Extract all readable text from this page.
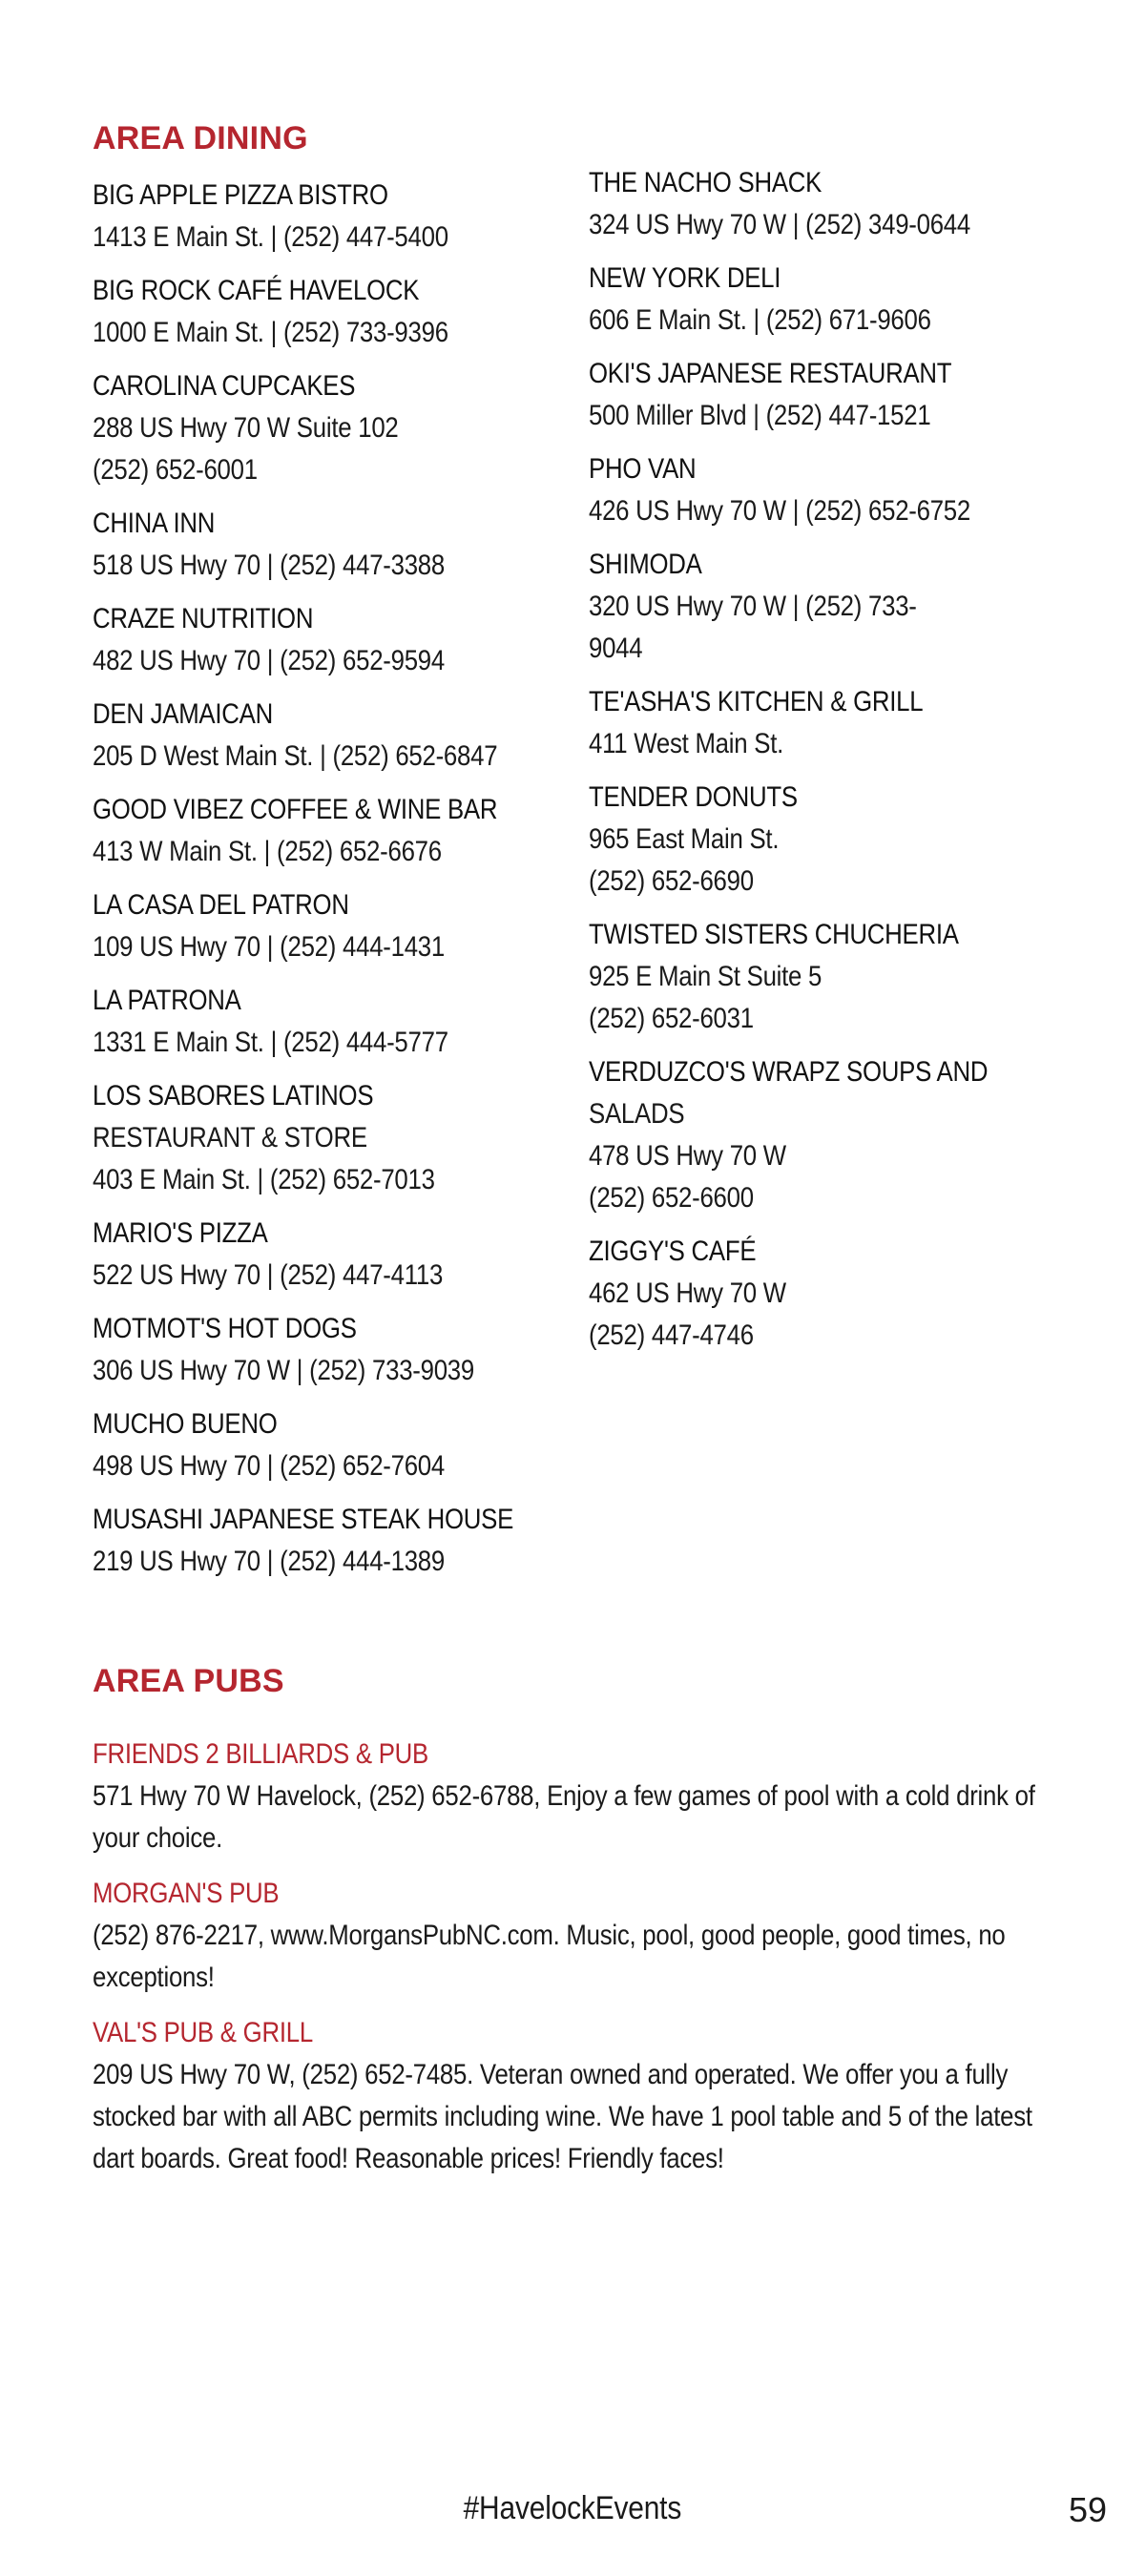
AREA DINING
BIG APPLE PIZZA BISTRO
1413 E Main St. | (252) 447-5400
BIG ROCK CAFÉ HAVELOCK
1000 E Main St. | (252) 733-9396
CAROLINA CUPCAKES
288 US Hwy 70 W Suite 102
(252) 652-6001
CHINA INN
518 US Hwy 70 | (252) 447-3388
CRAZE NUTRITION
482 US Hwy 70 | (252) 652-9594
DEN JAMAICAN
205 D West Main St. | (252) 652-6847
GOOD VIBEZ COFFEE & WINE BAR
413 W Main St. | (252) 652-6676
LA CASA DEL PATRON
109 US Hwy 70 | (252) 444-1431
LA PATRONA
1331 E Main St. | (252) 444-5777
LOS SABORES LATINOS
RESTAURANT & STORE
403 E Main St. | (252) 652-7013
MARIO'S PIZZA
522 US Hwy 70 | (252) 447-4113
MOTMOT'S HOT DOGS
306 US Hwy 70 W | (252) 733-9039
MUCHO BUENO
498 US Hwy 70 | (252) 652-7604
MUSASHI JAPANESE STEAK HOUSE
219 US Hwy 70 | (252) 444-1389
THE NACHO SHACK
324 US Hwy 70 W | (252) 349-0644
NEW YORK DELI
606 E Main St. | (252) 671-9606
OKI'S JAPANESE RESTAURANT
500 Miller Blvd | (252) 447-1521
PHO VAN
426 US Hwy 70 W | (252) 652-6752
SHIMODA
320 US Hwy 70 W | (252) 733-
9044
TE'ASHA'S KITCHEN & GRILL
411 West Main St.
TENDER DONUTS
965 East Main St.
(252) 652-6690
TWISTED SISTERS CHUCHERIA
925 E Main St Suite 5
(252) 652-6031
VERDUZCO'S WRAPZ SOUPS AND
SALADS
478 US Hwy 70 W
(252) 652-6600
ZIGGY'S CAFÉ
462 US Hwy 70 W
(252) 447-4746
AREA PUBS
FRIENDS 2 BILLIARDS & PUB
571 Hwy 70 W Havelock, (252) 652-6788, Enjoy a few games of pool with a cold drink of your choice.
MORGAN'S PUB
(252) 876-2217, www.MorgansPubNC.com. Music, pool, good people, good times, no exceptions!
VAL'S PUB & GRILL
209 US Hwy 70 W, (252) 652-7485. Veteran owned and operated. We offer you a fully stocked bar with all ABC permits including wine. We have 1 pool table and 5 of the latest dart boards. Great food! Reasonable prices! Friendly faces!
#HavelockEvents	59
